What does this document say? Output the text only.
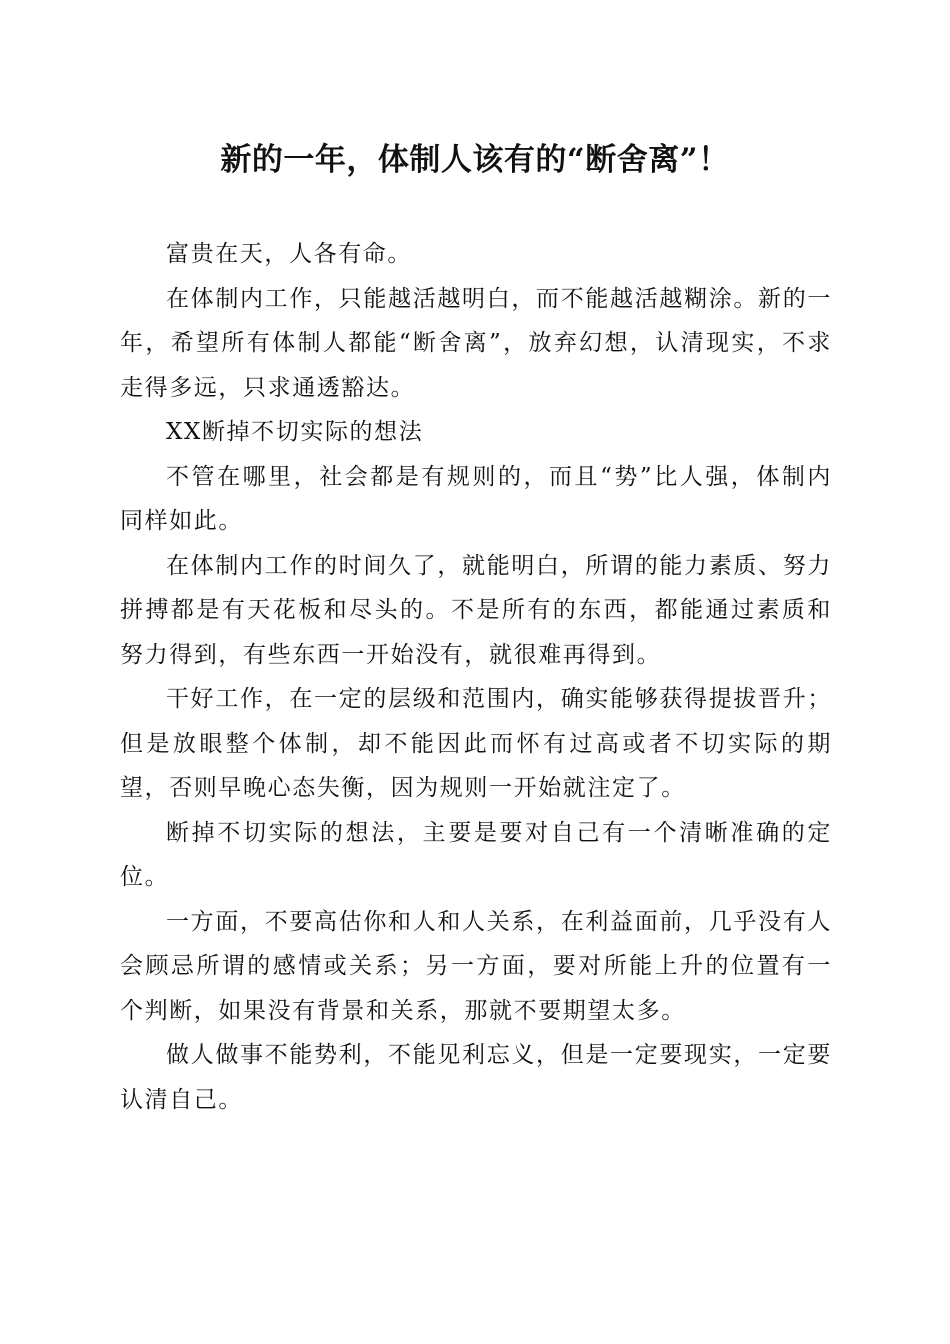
新的一年，体制人该有的“断舍离”！

富贵在天，人各有命。

在体制内工作，只能越活越明白，而不能越活越糊涂。新的一年，希望所有体制人都能“断舍离”，放弃幻想，认清现实，不求走得多远，只求通透豁达。

XX断掉不切实际的想法

不管在哪里，社会都是有规则的，而且“势”比人强，体制内同样如此。

在体制内工作的时间久了，就能明白，所谓的能力素质、努力拼搏都是有天花板和尽头的。不是所有的东西，都能通过素质和努力得到，有些东西一开始没有，就很难再得到。

干好工作，在一定的层级和范围内，确实能够获得提拔晋升；但是放眼整个体制，却不能因此而怀有过高或者不切实际的期望，否则早晚心态失衡，因为规则一开始就注定了。

断掉不切实际的想法，主要是要对自己有一个清晰准确的定位。

一方面，不要高估你和人和人关系，在利益面前，几乎没有人会顾忌所谓的感情或关系；另一方面，要对所能上升的位置有一个判断，如果没有背景和关系，那就不要期望太多。

做人做事不能势利，不能见利忘义，但是一定要现实，一定要认清自己。
